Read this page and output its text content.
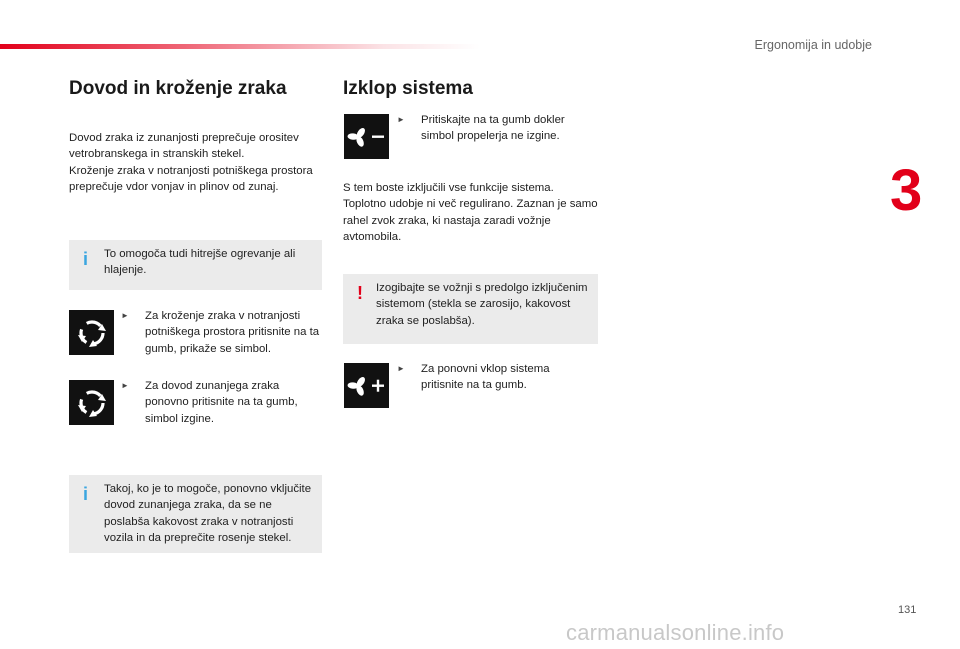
Ergonomija in udobje
3
Dovod in kroženje zraka
Dovod zraka iz zunanjosti preprečuje orositev vetrobranskega in stranskih stekel.
Kroženje zraka v notranjosti potniškega prostora preprečuje vdor vonjav in plinov od zunaj.
i To omogoča tudi hitrejše ogrevanje ali hlajenje.
► Za kroženje zraka v notranjosti potniškega prostora pritisnite na ta gumb, prikaže se simbol.
► Za dovod zunanjega zraka ponovno pritisnite na ta gumb, simbol izgine.
i Takoj, ko je to mogoče, ponovno vključite dovod zunanjega zraka, da se ne poslabša kakovost zraka v notranjosti vozila in da preprečite rosenje stekel.
Izklop sistema
► Pritiskajte na ta gumb dokler simbol propelerja ne izgine.
S tem boste izključili vse funkcije sistema.
Toplotno udobje ni več regulirano. Zaznan je samo rahel zvok zraka, ki nastaja zaradi vožnje avtomobila.
! Izogibajte se vožnji s predolgo izključenim sistemom (stekla se zarosijo, kakovost zraka se poslabša).
► Za ponovni vklop sistema pritisnite na ta gumb.
131
carmanualsonline.info
